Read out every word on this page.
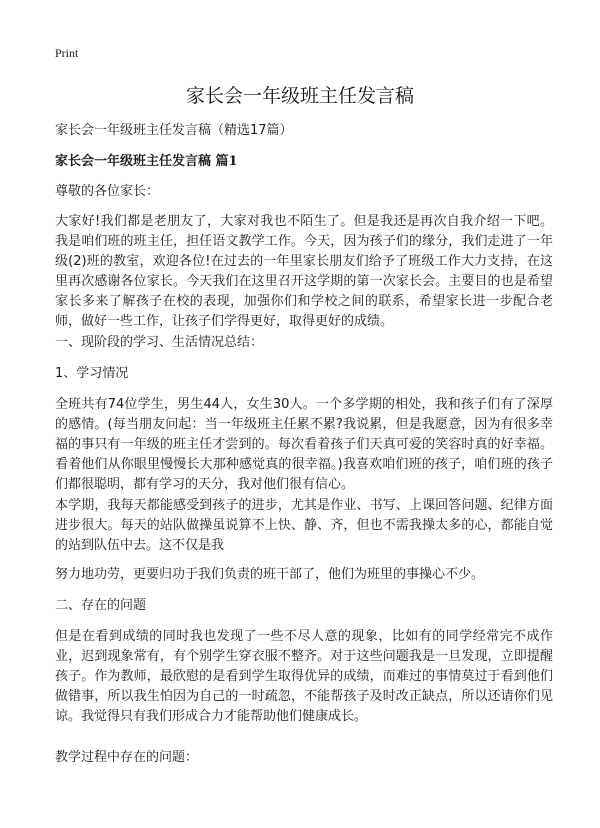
Print
家长会一年级班主任发言稿
家长会一年级班主任发言稿（精选17篇）
家长会一年级班主任发言稿 篇1
尊敬的各位家长：
大家好!我们都是老朋友了，大家对我也不陌生了。但是我还是再次自我介绍一下吧。我是咱们班的班主任，担任语文教学工作。今天，因为孩子们的缘分，我们走进了一年级(2)班的教室，欢迎各位!在过去的一年里家长朋友们给予了班级工作大力支持，在这里再次感谢各位家长。今天我们在这里召开这学期的第一次家长会。主要目的也是希望家长多来了解孩子在校的表现，加强你们和学校之间的联系，希望家长进一步配合老师，做好一些工作，让孩子们学得更好，取得更好的成绩。
一、现阶段的学习、生活情况总结：
1、学习情况
全班共有74位学生，男生44人，女生30人。一个多学期的相处，我和孩子们有了深厚的感情。(每当朋友问起：当一年级班主任累不累?我说累，但是我愿意，因为有很多幸福的事只有一年级的班主任才尝到的。每次看着孩子们天真可爱的笑容时真的好幸福。看着他们从你眼里慢慢长大那种感觉真的很幸福。)我喜欢咱们班的孩子，咱们班的孩子们都很聪明，都有学习的天分，我对他们很有信心。
本学期，我每天都能感受到孩子的进步，尤其是作业、书写、上课回答问题、纪律方面进步很大。每天的站队做操虽说算不上快、静、齐，但也不需我操太多的心，都能自觉的站到队伍中去。这不仅是我
努力地功劳，更要归功于我们负责的班干部了，他们为班里的事操心不少。
二、存在的问题
但是在看到成绩的同时我也发现了一些不尽人意的现象，比如有的同学经常完不成作业，迟到现象常有，有个别学生穿衣服不整齐。对于这些问题我是一旦发现，立即提醒孩子。作为教师，最欣慰的是看到学生取得优异的成绩，而难过的事情莫过于看到他们做错事，所以我生怕因为自己的一时疏忽，不能帮孩子及时改正缺点，所以还请你们见谅。我觉得只有我们形成合力才能帮助他们健康成长。
教学过程中存在的问题：
